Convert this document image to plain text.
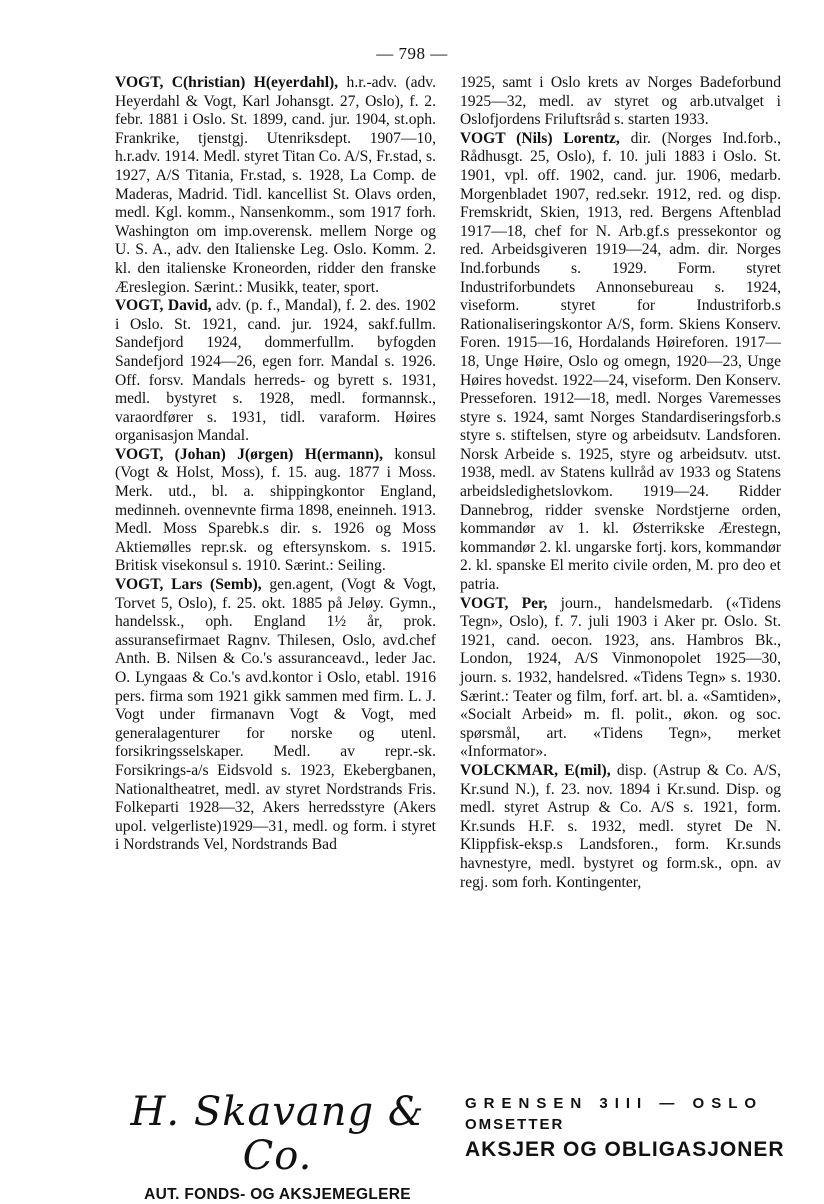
— 798 —

VOGT, C(hristian) H(eyerdahl), h.r.-adv. (adv. Heyerdahl & Vogt, Karl Johansgt. 27, Oslo), f. 2. febr. 1881 i Oslo. St. 1899, cand. jur. 1904, st.oph. Frankrike, tjenstgj. Utenriksdept. 1907—10, h.r.adv. 1914. Medl. styret Titan Co. A/S, Fr.stad, s. 1927, A/S Titania, Fr.stad, s. 1928, La Comp. de Maderas, Madrid. Tidl. kancellist St. Olavs orden, medl. Kgl. komm., Nansenkomm., som 1917 forh. Washington om imp.overensk. mellem Norge og U. S. A., adv. den Italienske Leg. Oslo. Komm. 2. kl. den italienske Kroneorden, ridder den franske Æreslegion. Særint.: Musikk, teater, sport.

VOGT, David, adv. (p. f., Mandal), f. 2. des. 1902 i Oslo. St. 1921, cand. jur. 1924, sakf.fullm. Sandefjord 1924, dommerfullm. byfogden Sandefjord 1924—26, egen forr. Mandal s. 1926. Off. forsv. Mandals herreds- og byrett s. 1931, medl. bystyret s. 1928, medl. formannsk., varaordfører s. 1931, tidl. varaform. Høires organisasjon Mandal.

VOGT, (Johan) J(ørgen) H(ermann), konsul (Vogt & Holst, Moss), f. 15. aug. 1877 i Moss. Merk. utd., bl. a. shippingkontor England, medinneh. ovennevnte firma 1898, eneinneh. 1913. Medl. Moss Sparebk.s dir. s. 1926 og Moss Aktiemølles repr.sk. og eftersynskom. s. 1915. Britisk visekonsul s. 1910. Særint.: Seiling.

VOGT, Lars (Semb), gen.agent, (Vogt & Vogt, Torvet 5, Oslo), f. 25. okt. 1885 på Jeløy. Gymn., handelssk., oph. England 1½ år, prok. assuransefirmaet Ragnv. Thilesen, Oslo, avd.chef Anth. B. Nilsen & Co.'s assuranceavd., leder Jac. O. Lyngaas & Co.'s avd.kontor i Oslo, etabl. 1916 pers. firma som 1921 gikk sammen med firm. L. J. Vogt under firmanavn Vogt & Vogt, med generalagenturer for norske og utenl. forsikringsselskaper. Medl. av repr.-sk. Forsikrings-a/s Eidsvold s. 1923, Ekebergbanen, Nationaltheatret, medl. av styret Nordstrands Fris. Folkeparti 1928—32, Akers herredsstyre (Akers upol. velgerliste)1929—31, medl. og form. i styret i Nordstrands Vel, Nordstrands Bad

1925, samt i Oslo krets av Norges Badeforbund 1925—32, medl. av styret og arb.utvalget i Oslofjordens Friluftsråd s. starten 1933.

VOGT (Nils) Lorentz, dir. (Norges Ind.forb., Rådhusgt. 25, Oslo), f. 10. juli 1883 i Oslo. St. 1901, vpl. off. 1902, cand. jur. 1906, medarb. Morgenbladet 1907, red.sekr. 1912, red. og disp. Fremskridt, Skien, 1913, red. Bergens Aftenblad 1917—18, chef for N. Arb.gf.s pressekontor og red. Arbeidsgiveren 1919—24, adm. dir. Norges Ind.forbunds s. 1929. Form. styret Industriforbundets Annonsebureau s. 1924, viseform. styret for Industriforb.s Rationaliseringskontor A/S, form. Skiens Konserv. Foren. 1915—16, Hordalands Høireforen. 1917—18, Unge Høire, Oslo og omegn, 1920—23, Unge Høires hovedst. 1922—24, viseform. Den Konserv. Presseforen. 1912—18, medl. Norges Varemesses styre s. 1924, samt Norges Standardiseringsforb.s styre s. stiftelsen, styre og arbeidsutv. Landsforen. Norsk Arbeide s. 1925, styre og arbeidsutv. utst. 1938, medl. av Statens kullråd av 1933 og Statens arbeidsledighetslovkom. 1919—24. Ridder Dannebrog, ridder svenske Nordstjerne orden, kommandør av 1. kl. Østerrikske Ærestegn, kommandør 2. kl. ungarske fortj. kors, kommandør 2. kl. spanske El merito civile orden, M. pro deo et patria.

VOGT, Per, journ., handelsmedarb. («Tidens Tegn», Oslo), f. 7. juli 1903 i Aker pr. Oslo. St. 1921, cand. oecon. 1923, ans. Hambros Bk., London, 1924, A/S Vinmonopolet 1925—30, journ. s. 1932, handelsred. «Tidens Tegn» s. 1930. Særint.: Teater og film, forf. art. bl. a. «Samtiden», «Socialt Arbeid» m. fl. polit., økon. og soc. spørsmål, art. «Tidens Tegn», merket «Informator».

VOLCKMAR, E(mil), disp. (Astrup & Co. A/S, Kr.sund N.), f. 23. nov. 1894 i Kr.sund. Disp. og medl. styret Astrup & Co. A/S s. 1921, form. Kr.sunds H.F. s. 1932, medl. styret De N. Klippfisk-eksp.s Landsforen., form. Kr.sunds havnestyre, medl. bystyret og form.sk., opn. av regj. som forh. Kontingenter,

H. Skavang & Co.
AUT. FONDS- OG AKSJEMEGLERE
GRENSEN 3III — OSLO
OMSETTER
AKSJER OG OBLIGASJONER
